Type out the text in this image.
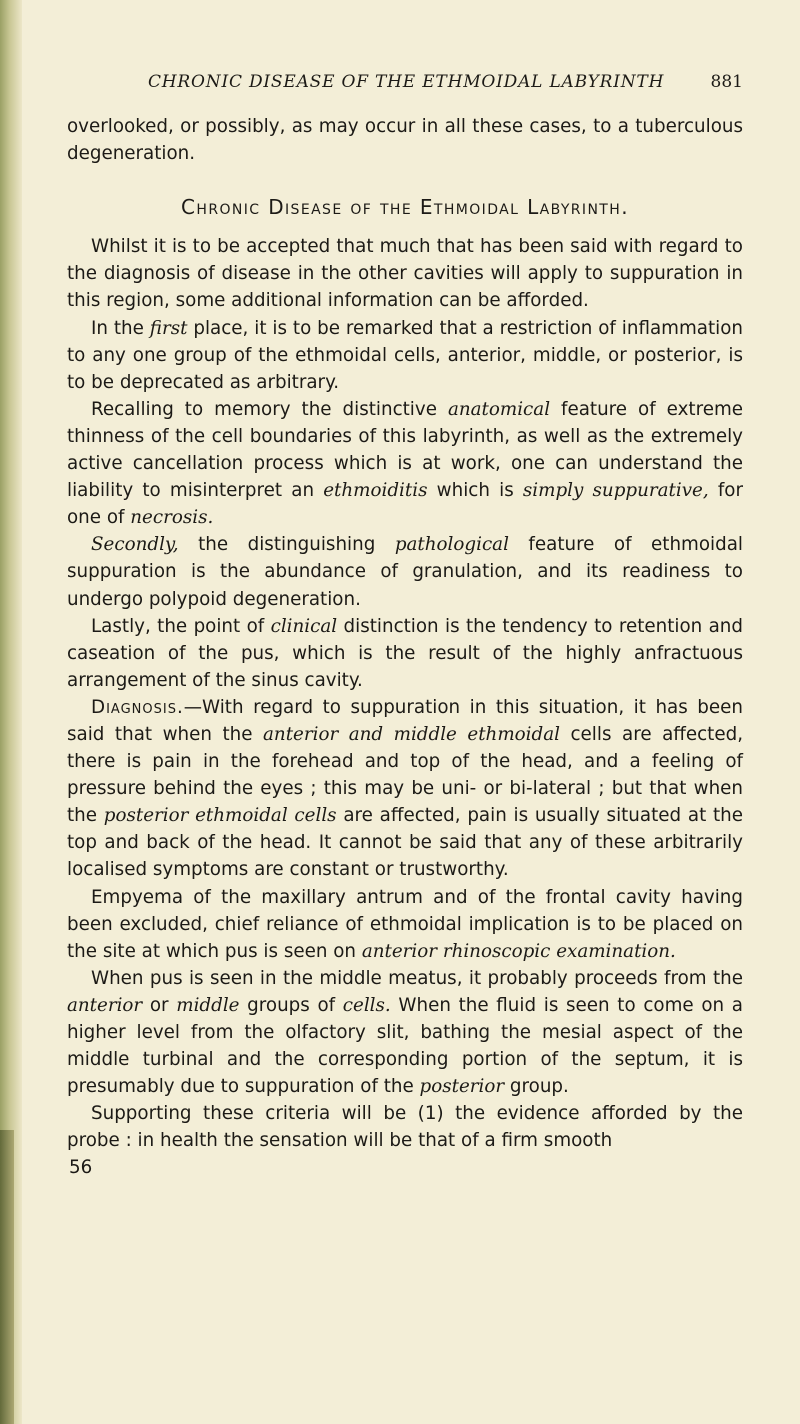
CHRONIC DISEASE OF THE ETHMOIDAL LABYRINTH	881

overlooked, or possibly, as may occur in all these cases, to a tuberculous degeneration.

Chronic Disease of the Ethmoidal Labyrinth.

Whilst it is to be accepted that much that has been said with regard to the diagnosis of disease in the other cavities will apply to suppuration in this region, some additional information can be afforded.

In the first place, it is to be remarked that a restriction of inflammation to any one group of the ethmoidal cells, anterior, middle, or posterior, is to be deprecated as arbitrary.

Recalling to memory the distinctive anatomical feature of extreme thinness of the cell boundaries of this labyrinth, as well as the extremely active cancellation process which is at work, one can understand the liability to misinterpret an ethmoiditis which is simply suppurative, for one of necrosis.

Secondly, the distinguishing pathological feature of ethmoidal suppuration is the abundance of granulation, and its readiness to undergo polypoid degeneration.

Lastly, the point of clinical distinction is the tendency to retention and caseation of the pus, which is the result of the highly anfractuous arrangement of the sinus cavity.

Diagnosis.—With regard to suppuration in this situation, it has been said that when the anterior and middle ethmoidal cells are affected, there is pain in the forehead and top of the head, and a feeling of pressure behind the eyes ; this may be uni- or bi-lateral ; but that when the posterior ethmoidal cells are affected, pain is usually situated at the top and back of the head. It cannot be said that any of these arbitrarily localised symptoms are constant or trustworthy.

Empyema of the maxillary antrum and of the frontal cavity having been excluded, chief reliance of ethmoidal implication is to be placed on the site at which pus is seen on anterior rhinoscopic examination.

When pus is seen in the middle meatus, it probably proceeds from the anterior or middle groups of cells. When the fluid is seen to come on a higher level from the olfactory slit, bathing the mesial aspect of the middle turbinal and the corresponding portion of the septum, it is presumably due to suppuration of the posterior group.

Supporting these criteria will be (1) the evidence afforded by the probe : in health the sensation will be that of a firm smooth

56
